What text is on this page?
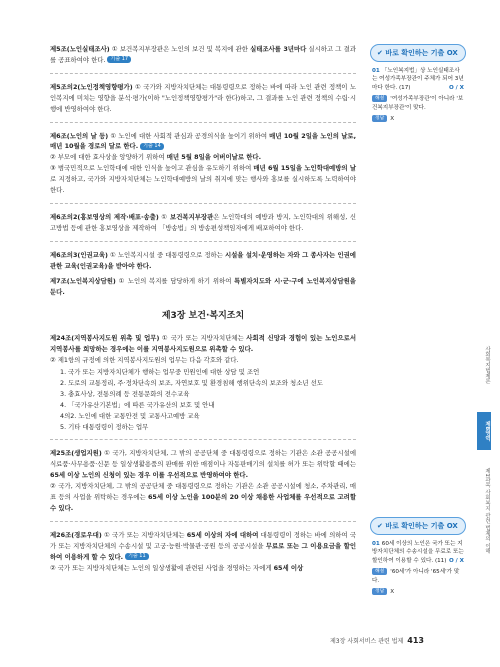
제5조(노인실태조사) ① 보건복지부장관은 노인의 보건 및 복지에 관한 실태조사를 3년마다 실시하고 그 결과를 공표하여야 한다. 기출 17

제5조의2(노인정책영향평가) ① 국가와 지방자치단체는 대통령령으로 정하는 바에 따라 노인 관련 정책이 노인복지에 미치는 영향을 분석·평가(이하 "노인정책영향평가"라 한다)하고, 그 결과를 노인 관련 정책의 수립·시행에 반영하여야 한다.

제6조(노인의 날 등) ① 노인에 대한 사회적 관심과 공경의식을 높이기 위하여 매년 10월 2일을 노인의 날로, 매년 10월을 경로의 달로 한다. 기출 14
② 부모에 대한 효사상을 앙양하기 위하여 매년 5월 8일을 어버이날로 한다.
③ 범국민적으로 노인학대에 대한 인식을 높이고 관심을 유도하기 위하여 매년 6월 15일을 노인학대예방의 날로 지정하고, 국가와 지방자치단체는 노인학대예방의 날의 취지에 맞는 행사와 홍보를 실시하도록 노력하여야 한다.

제6조의2(홍보영상의 제작·배포·송출) ① 보건복지부장관은 노인학대의 예방과 방지, 노인학대의 위해성, 신고방법 등에 관한 홍보영상을 제작하여 「방송법」의 방송편성책임자에게 배포하여야 한다.

제6조의3(인권교육) ① 노인복지시설 중 대통령령으로 정하는 시설을 설치·운영하는 자와 그 종사자는 인권에 관한 교육(인권교육)을 받아야 한다.

제7조(노인복지상담원) ① 노인의 복지를 담당하게 하기 위하여 특별자치도와 시·군·구에 노인복지상담원을 둔다.

제3장 보건·복지조치

제24조(지역봉사지도원 위촉 및 업무) ① 국가 또는 지방자치단체는 사회적 신망과 경험이 있는 노인으로서 지역봉사를 희망하는 경우에는 이를 지역봉사지도원으로 위촉할 수 있다.
② 제1항의 규정에 의한 지역봉사지도원의 업무는 다음 각호와 같다.

1. 국가 또는 지방자치단체가 행하는 업무중 민원인에 대한 상담 및 조언
2. 도로의 교통정리, 주·정차단속의 보조, 자연보호 및 환경침해 행위단속의 보조와 청소년 선도
3. 충효사상, 전통의례 등 전통문화의 전수교육
4. 「국가유산기본법」에 따른 국가유산의 보호 및 안내
4의2. 노인에 대한 교통안전 및 교통사고예방 교육
5. 기타 대통령령이 정하는 업무

제25조(생업지원) ① 국가, 지방자치단체, 그 밖의 공공단체 중 대통령령으로 정하는 기관은 소관 공공시설에 식료품·사무용품·신문 등 일상생활용품의 판매를 위한 매점이나 자동판매기의 설치를 허가 또는 위탁할 때에는 65세 이상 노인의 신청이 있는 경우 이를 우선적으로 반영하여야 한다.
② 국가, 지방자치단체, 그 밖의 공공단체 중 대통령령으로 정하는 기관은 소관 공공시설에 청소, 주차관리, 매표 등의 사업을 위탁하는 경우에는 65세 이상 노인을 100분의 20 이상 채용한 사업체를 우선적으로 고려할 수 있다.

제26조(경로우대) ① 국가 또는 지방자치단체는 65세 이상의 자에 대하여 대통령령이 정하는 바에 의하여 국가 또는 지방자치단체의 수송시설 및 고궁·능원·박물관·공원 등의 공공시설을 무료로 또는 그 이용요금을 할인하여 이용하게 할 수 있다. 기출 11
② 국가 또는 지방자치단체는 노인의 일상생활에 관련된 사업을 경영하는 자에게 65세 이상

✔ 바로 확인하는 기출 OX
01 「노인복지법」상 노인실태조사는 여성가족부장관이 주체가 되어 3년마다 한다. (17)	O / X
해설 '여성가족부장관'이 아니라 '보건복지부장관'이 맞다.
정답 X
✔ 바로 확인하는 기출 OX
01 60세 이상의 노인은 국가 또는 지방자치단체의 수송시설을 무료로 또는 할인하여 이용할 수 있다. (11) O / X
해설 '60세'가 아니라 '65세'가 맞다.
정답 X
사회복지법제론
제8영역
제1과목 사회복지 관련 법제의 이해
제3장 사회서비스 관련 법제 413
